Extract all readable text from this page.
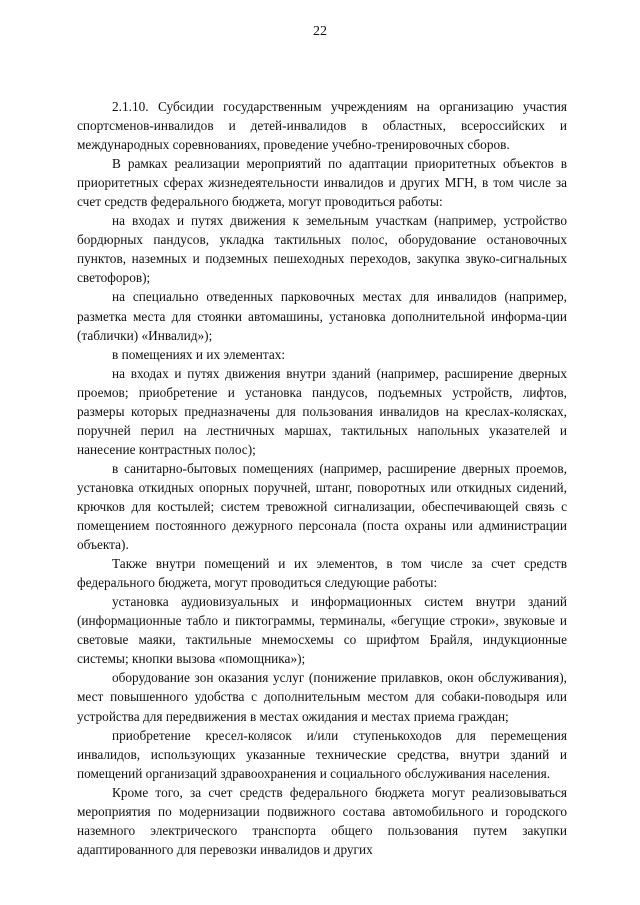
22

2.1.10. Субсидии государственным учреждениям на организацию участия спортсменов-инвалидов и детей-инвалидов в областных, всероссийских и международных соревнованиях, проведение учебно-тренировочных сборов.

В рамках реализации мероприятий по адаптации приоритетных объектов в приоритетных сферах жизнедеятельности инвалидов и других МГН, в том числе за счет средств федерального бюджета, могут проводиться работы:

на входах и путях движения к земельным участкам (например, устройство бордюрных пандусов, укладка тактильных полос, оборудование остановочных пунктов, наземных и подземных пешеходных переходов, закупка звуко-сигнальных светофоров);

на специально отведенных парковочных местах для инвалидов (например, разметка места для стоянки автомашины, установка дополнительной информа-ции (таблички) «Инвалид»);

в помещениях и их элементах:

на входах и путях движения внутри зданий (например, расширение дверных проемов; приобретение и установка пандусов, подъемных устройств, лифтов, размеры которых предназначены для пользования инвалидов на креслах-колясках, поручней перил на лестничных маршах, тактильных напольных указателей и нанесение контрастных полос);

в санитарно-бытовых помещениях (например, расширение дверных проемов, установка откидных опорных поручней, штанг, поворотных или откидных сидений, крючков для костылей; систем тревожной сигнализации, обеспечивающей связь с помещением постоянного дежурного персонала (поста охраны или администрации объекта).

Также внутри помещений и их элементов, в том числе за счет средств федерального бюджета, могут проводиться следующие работы:

установка аудиовизуальных и информационных систем внутри зданий (информационные табло и пиктограммы, терминалы, «бегущие строки», звуковые и световые маяки, тактильные мнемосхемы со шрифтом Брайля, индукционные системы; кнопки вызова «помощника»);

оборудование зон оказания услуг (понижение прилавков, окон обслуживания), мест повышенного удобства с дополнительным местом для собаки-поводыря или устройства для передвижения в местах ожидания и местах приема граждан;

приобретение кресел-колясок и/или ступенькоходов для перемещения инвалидов, использующих указанные технические средства, внутри зданий и помещений организаций здравоохранения и социального обслуживания населения.

Кроме того, за счет средств федерального бюджета могут реализовываться мероприятия по модернизации подвижного состава автомобильного и городского наземного электрического транспорта общего пользования путем закупки адаптированного для перевозки инвалидов и других
